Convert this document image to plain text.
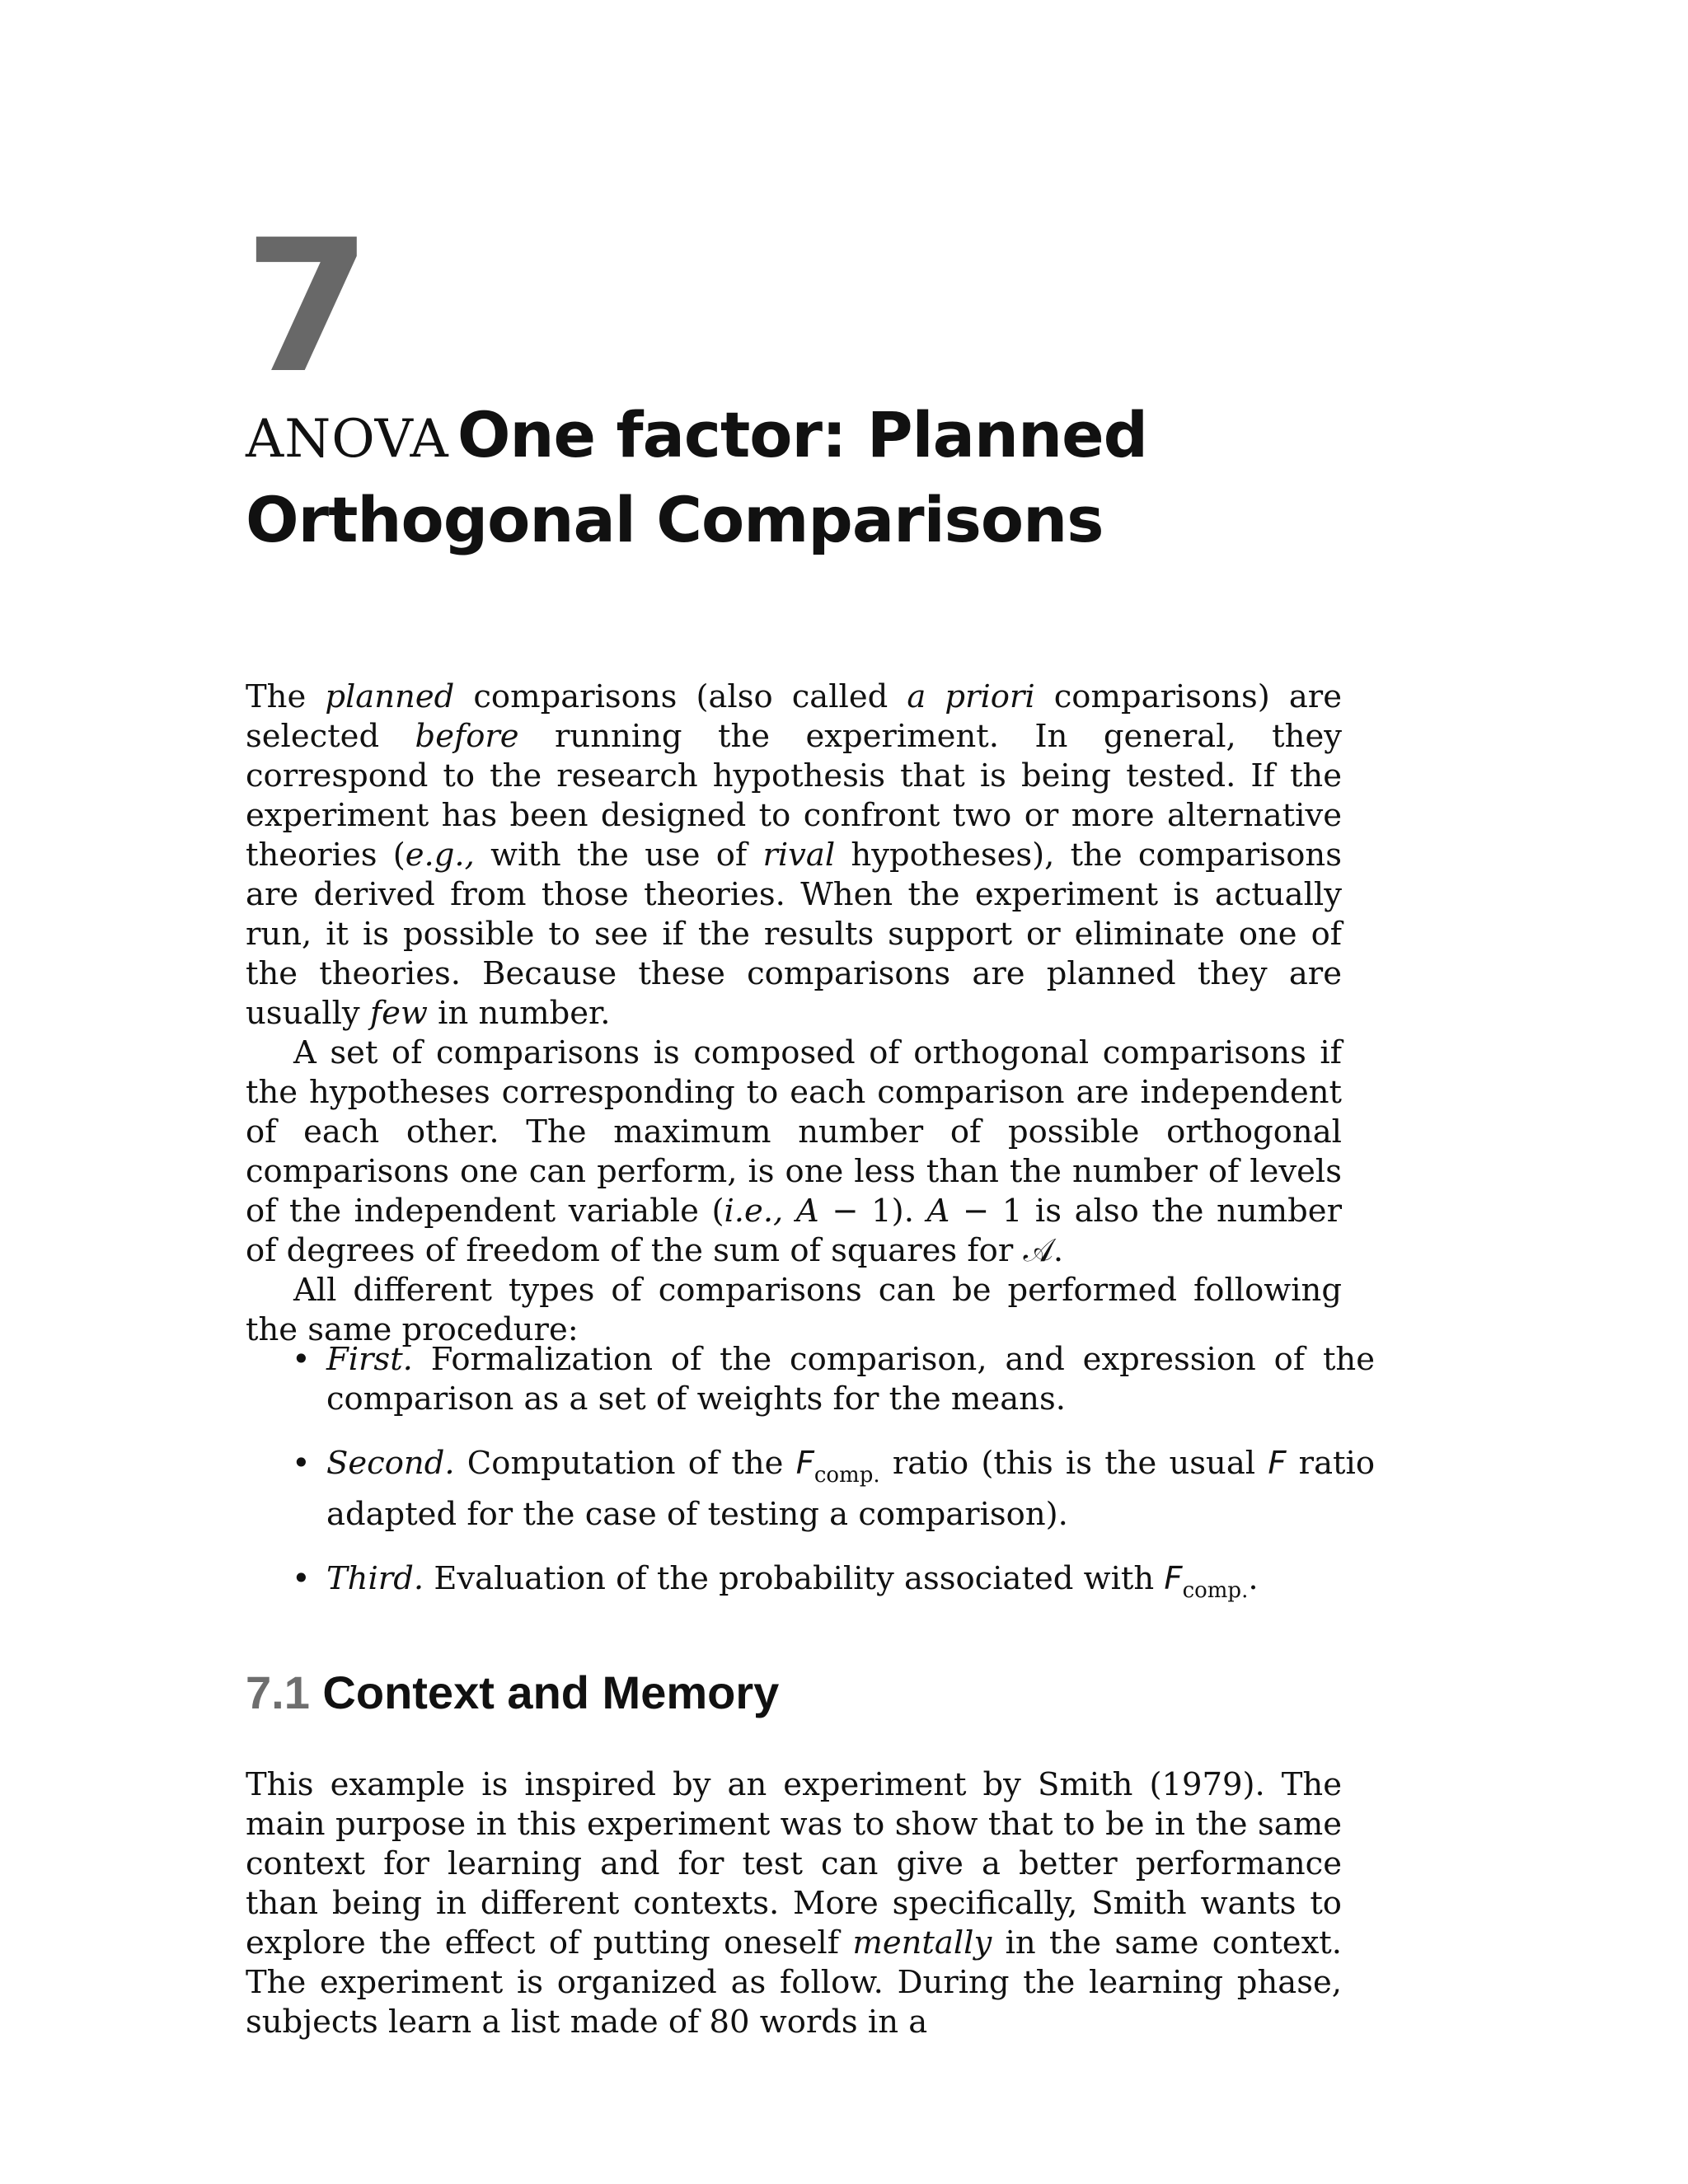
7
ANOVA One factor: Planned
Orthogonal Comparisons

The planned comparisons (also called a priori comparisons) are selected before running the experiment. In general, they correspond to the research hypothesis that is being tested. If the experiment has been designed to confront two or more alternative theories (e.g., with the use of rival hypotheses), the comparisons are derived from those theories. When the experiment is actually run, it is possible to see if the results support or eliminate one of the theories. Because these comparisons are planned they are usually few in number.

A set of comparisons is composed of orthogonal comparisons if the hypotheses corresponding to each comparison are independent of each other. The maximum number of possible orthogonal comparisons one can perform, is one less than the number of levels of the independent variable (i.e., A − 1). A − 1 is also the number of degrees of freedom of the sum of squares for 𝒜.

All different types of comparisons can be performed following the same procedure:

• First. Formalization of the comparison, and expression of the comparison as a set of weights for the means.
• Second. Computation of the $F_{comp.}$ ratio (this is the usual F ratio adapted for the case of testing a comparison).
• Third. Evaluation of the probability associated with $F_{comp.}$.
7.1 Context and Memory

This example is inspired by an experiment by Smith (1979). The main purpose in this experiment was to show that to be in the same context for learning and for test can give a better performance than being in different contexts. More specifically, Smith wants to explore the effect of putting oneself mentally in the same context. The experiment is organized as follow. During the learning phase, subjects learn a list made of 80 words in a
